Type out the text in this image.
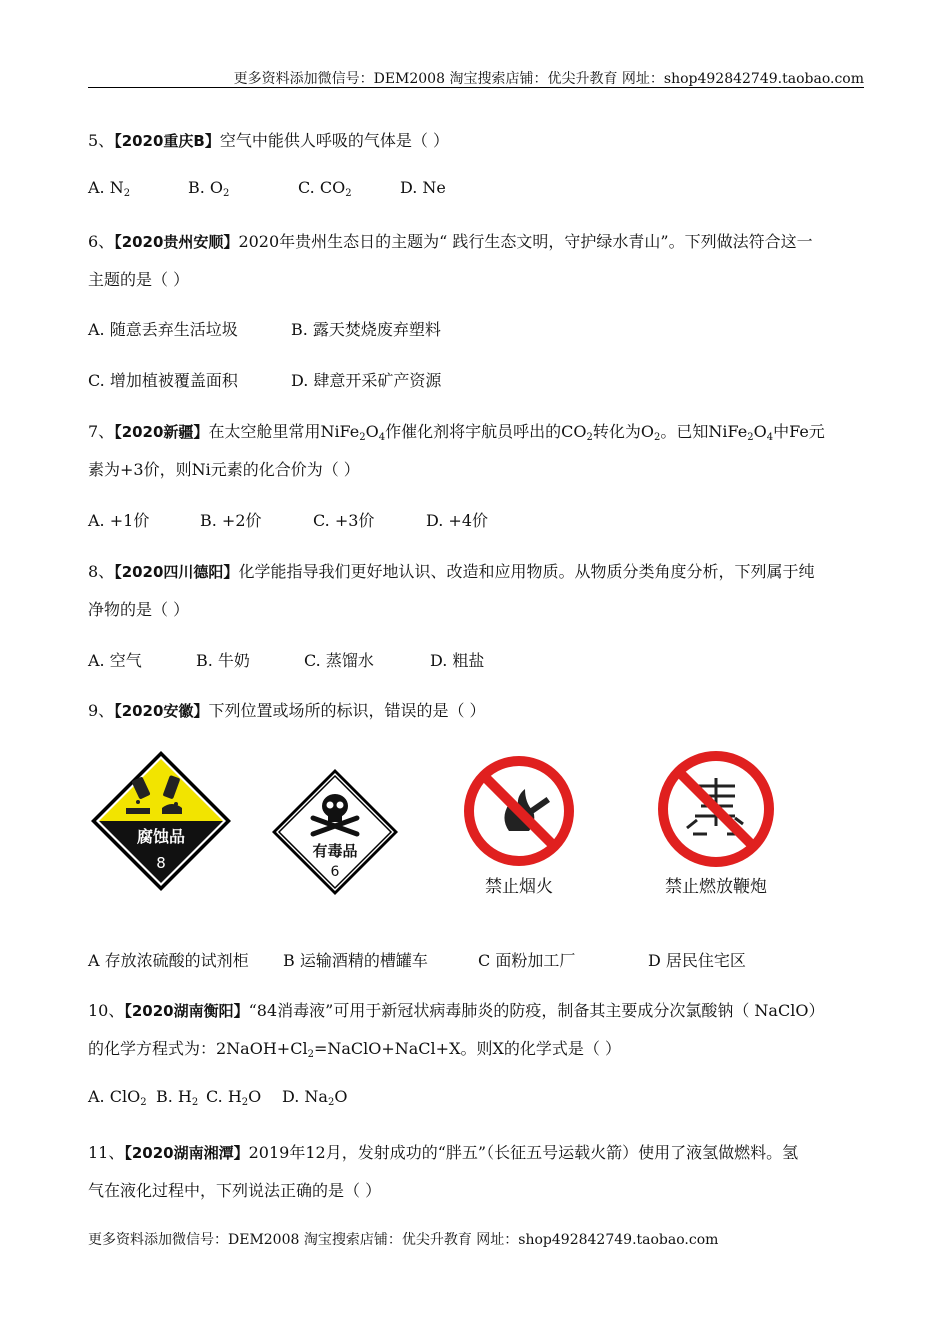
更多资料添加微信号：DEM2008 淘宝搜索店铺：优尖升教育 网址：shop492842749.taobao.com
5、【2020重庆B】空气中能供人呼吸的气体是（ ）
A. $N_2$	B. $O_2$	C. $CO_2$	D. Ne
6、【2020贵州安顺】2020年贵州生态日的主题为“ 践行生态文明，守护绿水青山”。下列做法符合这一
主题的是（ ）
A. 随意丢弃生活垃圾	B. 露天焚烧废弃塑料
C. 增加植被覆盖面积	D. 肆意开采矿产资源
7、【2020新疆】在太空舱里常用$NiFe_2O_4$作催化剂将宇航员呼出的$CO_2$转化为$O_2$。已知$NiFe_2O_4$中Fe元
素为+3价，则Ni元素的化合价为（ ）
A. +1价	B. +2价	C. +3价	D. +4价
8、【2020四川德阳】化学能指导我们更好地认识、改造和应用物质。从物质分类角度分析，下列属于纯
净物的是（ ）
A. 空气	B. 牛奶	C. 蒸馏水	D. 粗盐
9、【2020安徽】下列位置或场所的标识，错误的是（ ）
腐蚀品
8
有毒品
6
禁止烟火	禁止燃放鞭炮
A 存放浓硫酸的试剂柜 B 运输酒精的槽罐车	C 面粉加工厂	D 居民住宅区
10、【2020湖南衡阳】“84消毒液”可用于新冠状病毒肺炎的防疫，制备其主要成分次氯酸钠（ NaClO）
的化学方程式为：$2NaOH+Cl_2=NaClO+NaCl+X$。则X的化学式是（ ）
A. ClO$_2$ B. $H_2$ C. $H_2O$ D. $Na_2O$
11、【2020湖南湘潭】2019年12月，发射成功的“胖五”（长征五号运载火箭）使用了液氢做燃料。氢
气在液化过程中，下列说法正确的是（ ）
更多资料添加微信号：DEM2008 淘宝搜索店铺：优尖升教育 网址：shop492842749.taobao.com
